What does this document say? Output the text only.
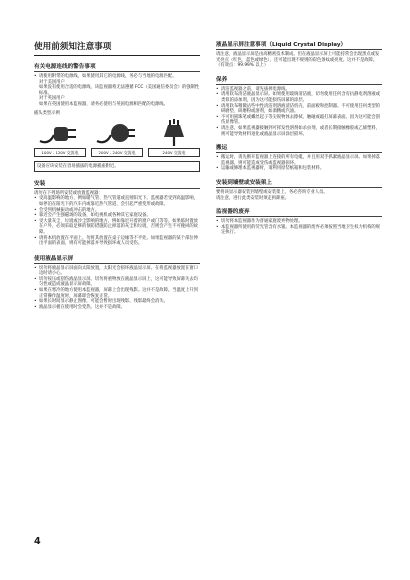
使用前须知注意事项
有关电源连线的警告事项
• 请使用附带的电源线。如果使用其它的电源线，务必与当地的电源匹配。
对于美国用户
如果没有使用合适的电源线，该监视器将无法遵循 FCC（美国通信委员会）的强制性标准。
对于英国用户
如果在英国使用本监视器，请务必使用与英国电源相匹配的电源线。
插头类型示例
100V - 120V 交流电	200V - 240V 交流电	240V 交流电
设备应该安装在容易插拔的电源插座附近。
安装
请勿在下列场所安装或放置监视器：
• 受高温影响的地方，例如暖气管、热气管道或直射阳光下。监视器若受到高温影响，如停泊在阳光下的汽车内或靠近热气管道，会引起严重变形或故障。
• 会受到机械振动或冲击的地方。
• 靠近会产生强磁场的设备，如电视机或各种其它家庭设备。
• 受大量灰尘、垃圾或沙尘影响的地方，例如靠近开着的窗户或门等等。如果临时置放在户外，必须采取足够的预防措施防止掉落的灰尘和垃圾，否则会产生不可挽回的故障。
• 请将本机放置在平面上。勿将其放置在桌子边缘等不平处。如果监视器的某个部位伸出平面的表面，则有可能掉落并导致损坏或人员受伤。
使用液晶显示屏
• 切勿将液晶显示屏面向太阳放置，太阳光会损坏液晶显示屏。在将监视器放置在窗口边时请小心。
• 切勿按压或刮伤液晶显示屏。切勿将重物放在液晶显示屏上，这可能导致屏幕失去均匀性或造成液晶显示屏故障。
• 如果在寒冷的地方使用本监视器，屏幕上会出现残影。这并不是故障。当温度上升到正常操作温度时，屏幕即会恢复正常。
• 如果长时间显示静止图像，可能会暂时出现残影。残影最终会消失。
• 液晶显示板在使用时会变热。这并不是故障。
液晶显示屏注意事项（Liquid Crystal Display）
请注意，液晶显示屏是由高精密技术制成。但在液晶显示屏上可能持常会出现黑点或发光亮点（红色、蓝色或绿色），还可能出现不规则的彩色条纹或亮度。这并不是故障。
（有效点：99.99% 以上）
保养
• 清洁监视器之前，请先拔掉电源线。
• 请用软布清洁液晶显示屏。如果使用玻璃清洁液，切勿使用任何含有抗静电剂溶液或类似的添加剂，因为这可能损伤屏幕的涂层。
• 请用软布稍微沾些中性清洁剂溶液清洁机壳、前面板和控制器。不可使用任何类型的研磨垫、研磨粉或溶剂，如酒精或汽油。
• 不可用圆珠笔或螺丝起子等尖锐物体去擦拭、触碰或敲打屏幕表面。因为这可能会刮伤显像管。
• 请注意，如果监视器接触到可挥发性溶剂如杀虫剂，或者长期接触橡胶或乙烯塑料，则可能导致材料退化或液晶显示屏涂层损坏。
搬运
• 搬运时，请先断开监视器上连接的所有电缆，并且用双手抓紧液晶显示屏。如果掉落监视器，则可能造成受伤或监视器损坏。
• 运输或修理本监视器时，请利用原装纸箱和包装材料。
安装到墙壁或安装架上
要将该显示器安装到墙壁或安装架上，务必咨询专业人员。
请注意，进行此类安装时须走拆卸座。
监视器的废弃
• 切勿将本监视器作为普通家庭废弃物处理。
• 本监视器所使用的荧光管含有水银。本监视器的废弃必须按照当地卫生权力机构的规定执行。
4
